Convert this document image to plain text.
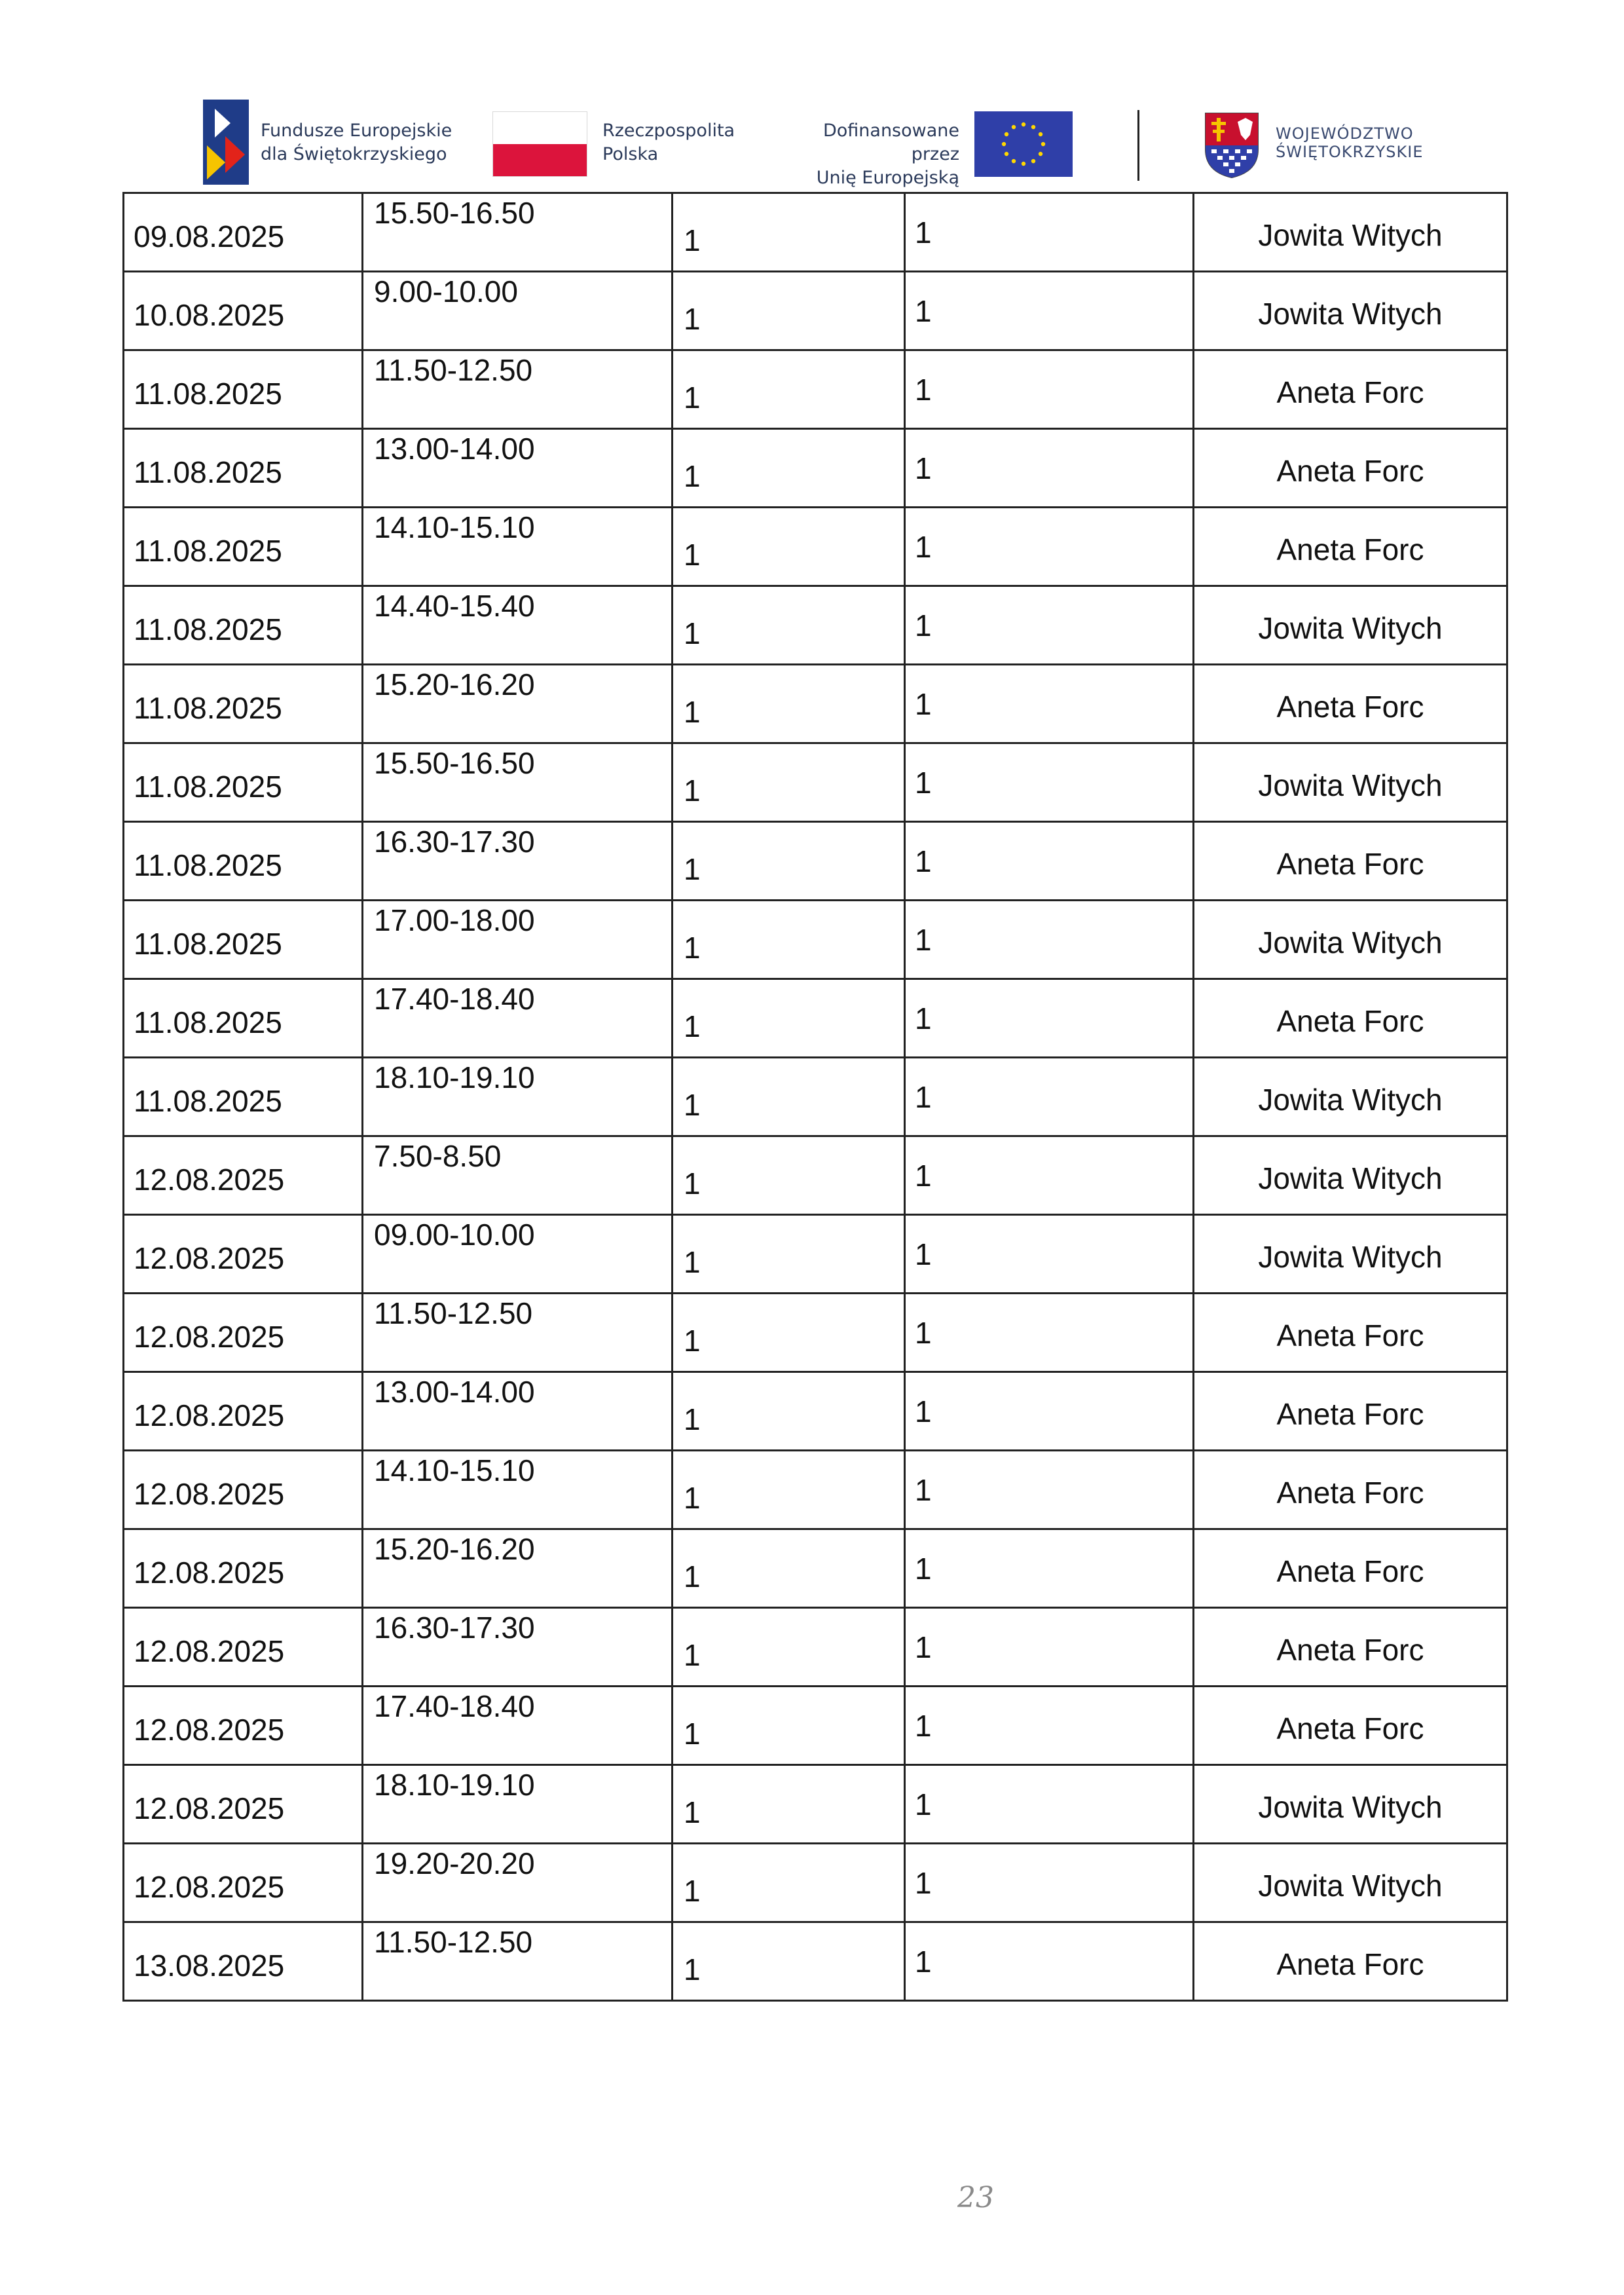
Fundusze Europejskie
dla Świętokrzyskiego
Rzeczpospolita
Polska
Dofinansowane przez
Unię Europejską
WOJEWÓDZTWO
ŚWIĘTOKRZYSKIE
09.08.2025	15.50-16.50	1	1	Jowita Witych

10.08.2025	9.00-10.00	1	1	Jowita Witych

11.08.2025	11.50-12.50	1	1	Aneta Forc

11.08.2025	13.00-14.00	1	1	Aneta Forc

11.08.2025	14.10-15.10	1	1	Aneta Forc

11.08.2025	14.40-15.40	1	1	Jowita Witych

11.08.2025	15.20-16.20	1	1	Aneta Forc

11.08.2025	15.50-16.50	1	1	Jowita Witych

11.08.2025	16.30-17.30	1	1	Aneta Forc

11.08.2025	17.00-18.00	1	1	Jowita Witych

11.08.2025	17.40-18.40	1	1	Aneta Forc

11.08.2025	18.10-19.10	1	1	Jowita Witych

12.08.2025	7.50-8.50	1	1	Jowita Witych

12.08.2025	09.00-10.00	1	1	Jowita Witych

12.08.2025	11.50-12.50	1	1	Aneta Forc

12.08.2025	13.00-14.00	1	1	Aneta Forc

12.08.2025	14.10-15.10	1	1	Aneta Forc

12.08.2025	15.20-16.20	1	1	Aneta Forc

12.08.2025	16.30-17.30	1	1	Aneta Forc

12.08.2025	17.40-18.40	1	1	Aneta Forc

12.08.2025	18.10-19.10	1	1	Jowita Witych

12.08.2025	19.20-20.20	1	1	Jowita Witych

13.08.2025	11.50-12.50	1	1	Aneta Forc
23
